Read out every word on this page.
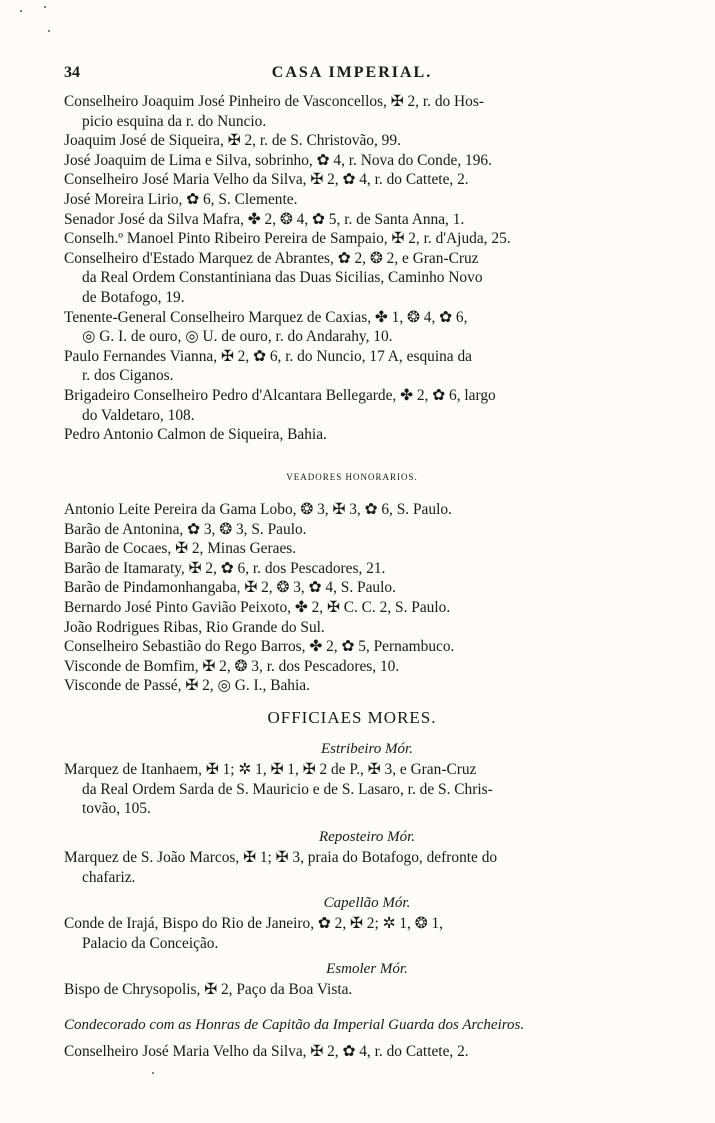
34	CASA IMPERIAL.

Conselheiro Joaquim José Pinheiro de Vasconcellos, ✠ 2, r. do Hos-
picio esquina da r. do Nuncio.

Joaquim José de Siqueira, ✠ 2, r. de S. Christovão, 99.

José Joaquim de Lima e Silva, sobrinho, ✿ 4, r. Nova do Conde, 196.

Conselheiro José Maria Velho da Silva, ✠ 2, ✿ 4, r. do Cattete, 2.

José Moreira Lirio, ✿ 6, S. Clemente.

Senador José da Silva Mafra, ✤ 2, ❂ 4, ✿ 5, r. de Santa Anna, 1.

Conselh.º Manoel Pinto Ribeiro Pereira de Sampaio, ✠ 2, r. d'Ajuda, 25.

Conselheiro d'Estado Marquez de Abrantes, ✿ 2, ❂ 2, e Gran-Cruz
da Real Ordem Constantiniana das Duas Sicilias, Caminho Novo
de Botafogo, 19.

Tenente-General Conselheiro Marquez de Caxias, ✤ 1, ❂ 4, ✿ 6,
◎ G. I. de ouro, ◎ U. de ouro, r. do Andarahy, 10.

Paulo Fernandes Vianna, ✠ 2, ✿ 6, r. do Nuncio, 17 A, esquina da
r. dos Ciganos.

Brigadeiro Conselheiro Pedro d'Alcantara Bellegarde, ✤ 2, ✿ 6, largo
do Valdetaro, 108.

Pedro Antonio Calmon de Siqueira, Bahia.

VEADORES HONORARIOS.

Antonio Leite Pereira da Gama Lobo, ❂ 3, ✠ 3, ✿ 6, S. Paulo.

Barão de Antonina, ✿ 3, ❂ 3, S. Paulo.

Barão de Cocaes, ✠ 2, Minas Geraes.

Barão de Itamaraty, ✠ 2, ✿ 6, r. dos Pescadores, 21.

Barão de Pindamonhangaba, ✠ 2, ❂ 3, ✿ 4, S. Paulo.

Bernardo José Pinto Gavião Peixoto, ✤ 2, ✠ C. C. 2, S. Paulo.

João Rodrigues Ribas, Rio Grande do Sul.

Conselheiro Sebastião do Rego Barros, ✤ 2, ✿ 5, Pernambuco.

Visconde de Bomfim, ✠ 2, ❂ 3, r. dos Pescadores, 10.

Visconde de Passé, ✠ 2, ◎ G. I., Bahia.

OFFICIAES MORES.

Estribeiro Mór.

Marquez de Itanhaem, ✠ 1; ✲ 1, ✠ 1, ✠ 2 de P., ✠ 3, e Gran-Cruz
da Real Ordem Sarda de S. Mauricio e de S. Lasaro, r. de S. Chris-
tovão, 105.

Reposteiro Mór.

Marquez de S. João Marcos, ✠ 1; ✠ 3, praia do Botafogo, defronte do
chafariz.

Capellão Mór.

Conde de Irajá, Bispo do Rio de Janeiro, ✿ 2, ✠ 2; ✲ 1, ❂ 1,
Palacio da Conceição.

Esmoler Mór.

Bispo de Chrysopolis, ✠ 2, Paço da Boa Vista.

Condecorado com as Honras de Capitão da Imperial Guarda dos Archeiros.

Conselheiro José Maria Velho da Silva, ✠ 2, ✿ 4, r. do Cattete, 2.
